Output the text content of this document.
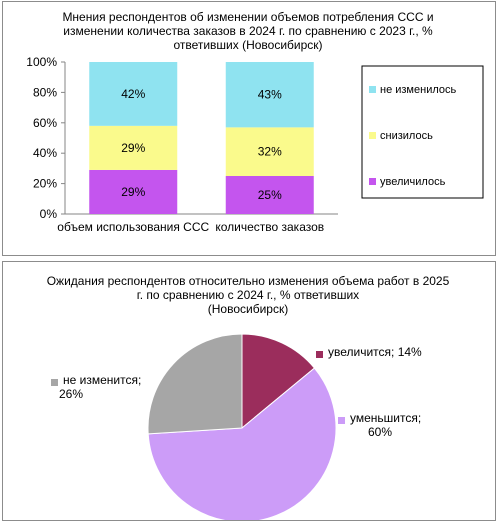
Мнения респондентов об изменении объемов потребления ССС и
изменении количества заказов в 2024 г. по сравнению с 2023 г., %
ответивших (Новосибирск)
0%
20%
40%
60%
80%
100%
29%
29%
42%
объем использования ССС
25%
32%
43%
количество заказов
не изменилось
снизилось
увеличилось
Ожидания респондентов относительно изменения объема работ в 2025
г. по сравнению с 2024 г., % ответивших
(Новосибирск)
увеличится; 14%
уменьшится;
60%
не изменится;
26%
